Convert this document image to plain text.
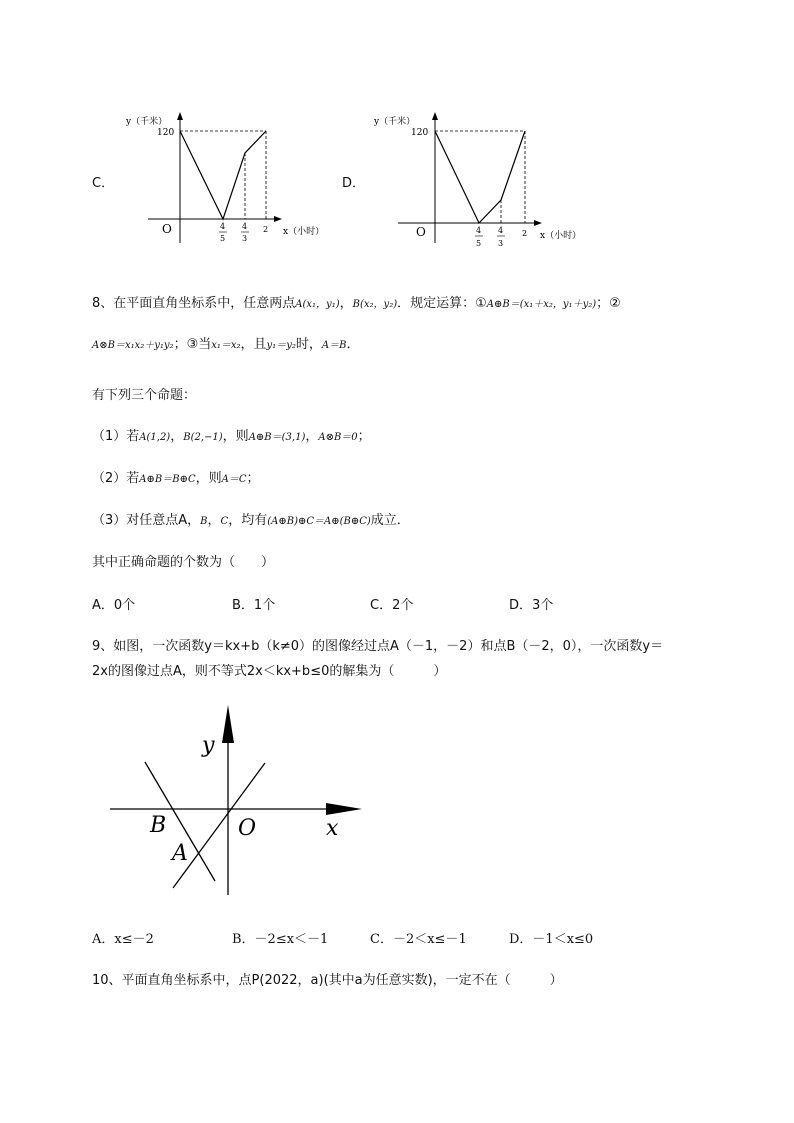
C．
y（千米）
120
O	x（小时）
4
5
4
3
2
D．
y（千米）
120
O	x（小时）
4
5
4
3
2
8、在平面直角坐标系中，任意两点A(x₁，y₁)，B(x₂，y₂)．规定运算：①A⊕B＝(x₁＋x₂，y₁＋y₂)；②
A⊗B＝x₁x₂＋y₁y₂；③当x₁＝x₂，且y₁＝y₂时，A＝B．
有下列三个命题：
（1）若A(1,2)，B(2,−1)，则A⊕B＝(3,1)，A⊗B＝0；
（2）若A⊕B＝B⊕C，则A＝C；
（3）对任意点A，B，C，均有(A⊕B)⊕C＝A⊕(B⊕C)成立．
其中正确命题的个数为（　　）
A．0个	B．1个	C．2个	D．3个
9、如图，一次函数y＝kx+b（k≠0）的图像经过点A（－1，－2）和点B（－2，0），一次函数y＝
2x的图像过点A，则不等式2x＜kx+b≤0的解集为（　　　）
y
x
O
B
A
A．x≤－2	B．－2≤x＜－1	C．－2＜x≤－1	D．－1＜x≤0
10、平面直角坐标系中，点P(2022，a)(其中a为任意实数)，一定不在（　　　）
